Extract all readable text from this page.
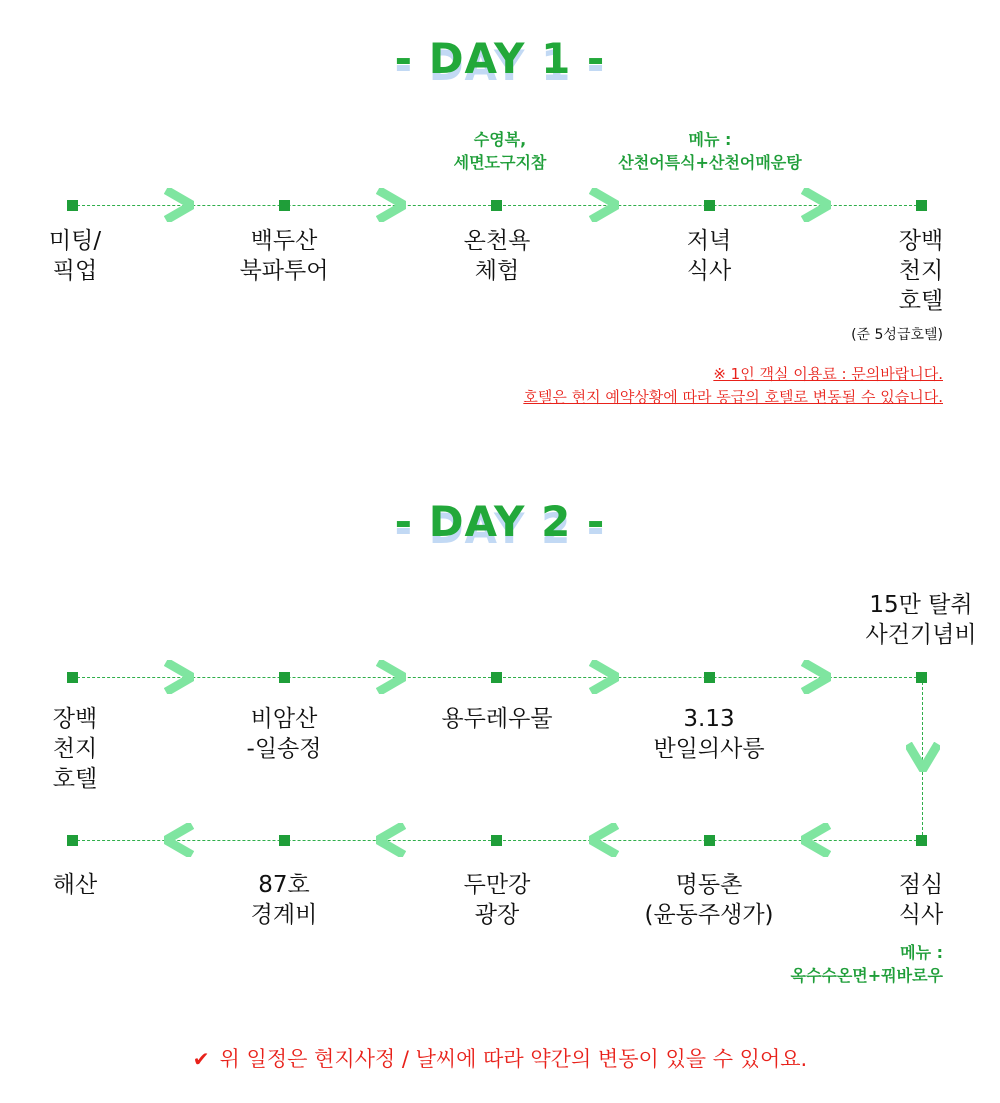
- DAY 1 -
수영복,
세면도구지참
메뉴 :
산천어특식+산천어매운탕
미팅/
픽업
백두산
북파투어
온천욕
체험
저녁
식사
장백
천지
호텔
(준 5성급호텔)
※ 1인 객실 이용료 : 문의바랍니다.
호텔은 현지 예약상황에 따라 동급의 호텔로 변동될 수 있습니다.
- DAY 2 -
15만 탈취
사건기념비
장백
천지
호텔
비암산
-일송정
용두레우물	3.13
반일의사릉
해산	87호
경계비
두만강
광장
명동촌
(윤동주생가)
점심
식사
메뉴 :
옥수수온면+꿔바로우
✔ 위 일정은 현지사정 / 날씨에 따라 약간의 변동이 있을 수 있어요.
